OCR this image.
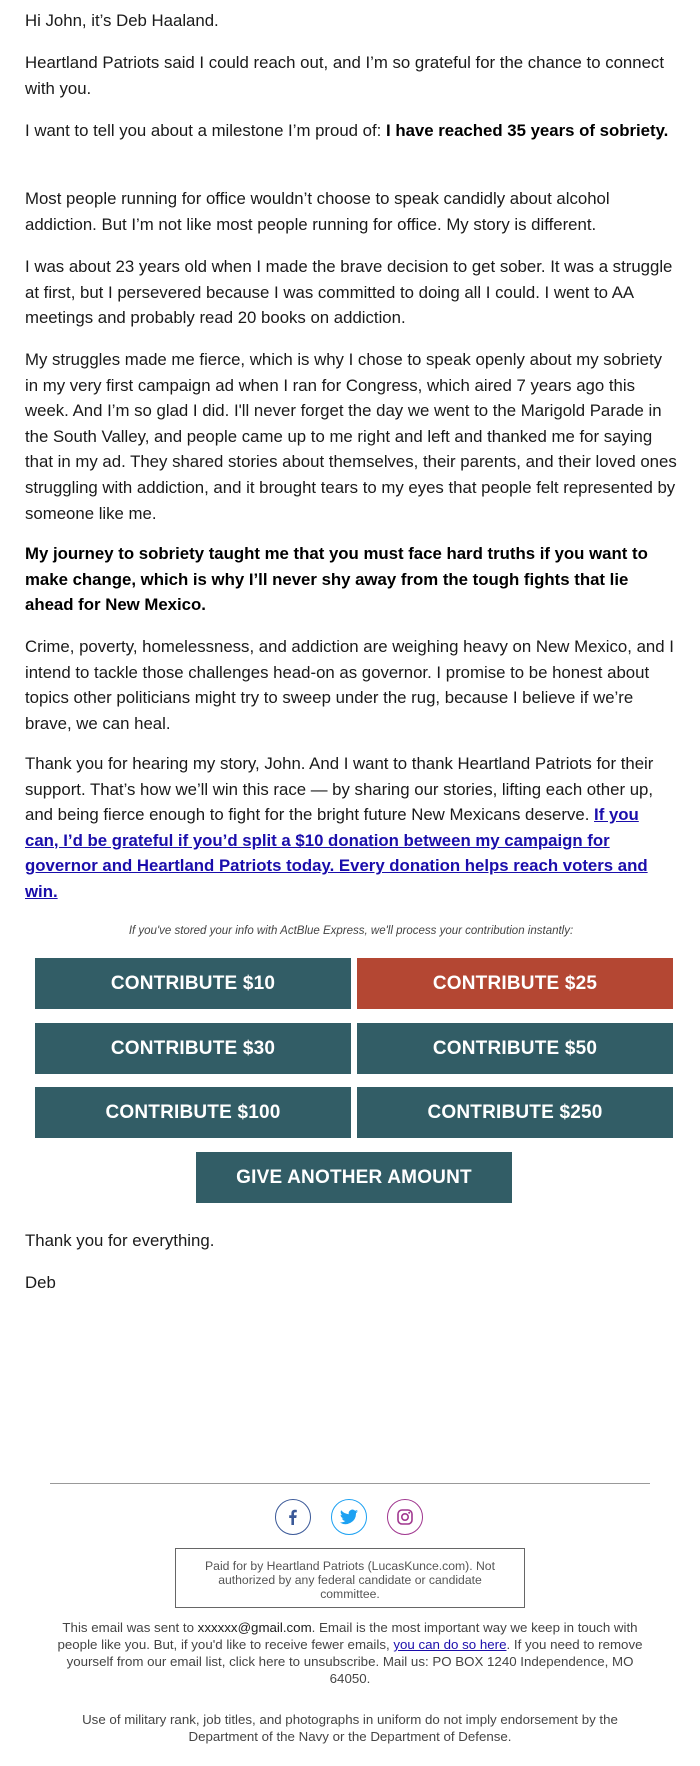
Hi John, it’s Deb Haaland.

Heartland Patriots said I could reach out, and I’m so grateful for the chance to connect with you.

I want to tell you about a milestone I’m proud of: I have reached 35 years of sobriety.

Most people running for office wouldn’t choose to speak candidly about alcohol addiction. But I’m not like most people running for office. My story is different.

I was about 23 years old when I made the brave decision to get sober. It was a struggle at first, but I persevered because I was committed to doing all I could. I went to AA meetings and probably read 20 books on addiction.

My struggles made me fierce, which is why I chose to speak openly about my sobriety in my very first campaign ad when I ran for Congress, which aired 7 years ago this week. And I’m so glad I did. I'll never forget the day we went to the Marigold Parade in the South Valley, and people came up to me right and left and thanked me for saying that in my ad. They shared stories about themselves, their parents, and their loved ones struggling with addiction, and it brought tears to my eyes that people felt represented by someone like me.

My journey to sobriety taught me that you must face hard truths if you want to make change, which is why I’ll never shy away from the tough fights that lie ahead for New Mexico.

Crime, poverty, homelessness, and addiction are weighing heavy on New Mexico, and I intend to tackle those challenges head-on as governor. I promise to be honest about topics other politicians might try to sweep under the rug, because I believe if we’re brave, we can heal.

Thank you for hearing my story, John. And I want to thank Heartland Patriots for their support. That’s how we’ll win this race — by sharing our stories, lifting each other up, and being fierce enough to fight for the bright future New Mexicans deserve. If you can, I’d be grateful if you’d split a $10 donation between my campaign for governor and Heartland Patriots today. Every donation helps reach voters and win.

If you've stored your info with ActBlue Express, we'll process your contribution instantly:
CONTRIBUTE $10	CONTRIBUTE $25
CONTRIBUTE $30	CONTRIBUTE $50
CONTRIBUTE $100	CONTRIBUTE $250
GIVE ANOTHER AMOUNT

Thank you for everything.

Deb

Paid for by Heartland Patriots (LucasKunce.com). Not authorized by any federal candidate or candidate committee.
This email was sent to xxxxxx@gmail.com. Email is the most important way we keep in touch with people like you. But, if you'd like to receive fewer emails, you can do so here. If you need to remove yourself from our email list, click here to unsubscribe. Mail us: PO BOX 1240 Independence, MO 64050.
Use of military rank, job titles, and photographs in uniform do not imply endorsement by the Department of the Navy or the Department of Defense.
